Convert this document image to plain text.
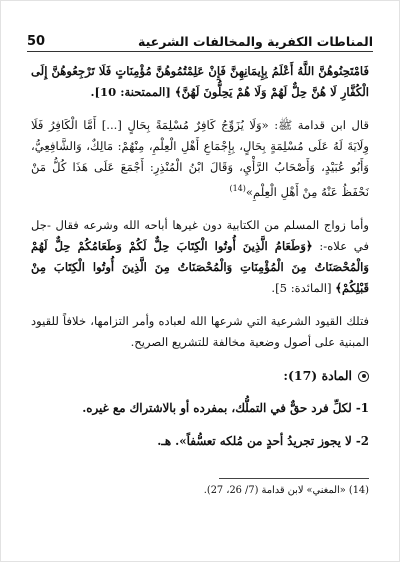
المناطات الكفرية والمخالفات الشرعية
50

فَامْتَحِنُوهُنَّ اللَّهُ أَعْلَمُ بِإِيمَانِهِنَّ فَإِنْ عَلِمْتُمُوهُنَّ مُؤْمِنَاتٍ فَلَا تَرْجِعُوهُنَّ إِلَى الْكُفَّارِ لَا هُنَّ حِلٌّ لَهُمْ وَلَا هُمْ يَحِلُّونَ لَهُنَّ﴾ [الممتحنة: 10].

قال ابن قدامة ﷺ: «وَلَا يُزَوِّجُ كَافِرٌ مُسْلِمَةً بِحَالٍ [...] أَمَّا الْكَافِرُ فَلَا وِلَايَةَ لَهُ عَلَى مُسْلِمَةٍ بِحَالٍ، بِإِجْمَاعِ أَهْلِ الْعِلْمِ، مِنْهُمْ: مَالِكٌ، وَالشَّافِعِيُّ، وَأَبُو عُبَيْدٍ، وَأَصْحَابُ الرَّأْيِ، وَقَالَ ابْنُ الْمُنْذِرِ: أَجْمَعَ عَلَى هَذَا كُلُّ مَنْ نَحْفَظُ عَنْهُ مِنْ أَهْلِ الْعِلْمِ»$^{(14)}$

وأما زواج المسلم من الكتابية دون غيرها أباحه الله وشرعه فقال -جل في علاه-: ﴿وَطَعَامُ الَّذِينَ أُوتُوا الْكِتَابَ حِلٌّ لَكُمْ وَطَعَامُكُمْ حِلٌّ لَهُمْ وَالْمُحْصَنَاتُ مِنَ الْمُؤْمِنَاتِ وَالْمُحْصَنَاتُ مِنَ الَّذِينَ أُوتُوا الْكِتَابَ مِنْ قَبْلِكُمْ﴾ [المائدة: 5].

فتلك القيود الشرعية التي شرعها الله لعباده وأمر التزامها، خلافاً للقيود المبنية على أصول وضعية مخالفة للتشريع الصريح.

المادة (17):

1- لكلِّ فرد حقٌّ في التملُّك، بمفرده أو بالاشتراك مع غيره.

2- لا يجوز تجريدُ أحدٍ من مُلكه تعسُّفاً». هـ.

(14) «المغني» لابن قدامة (7/ 26، 27).
